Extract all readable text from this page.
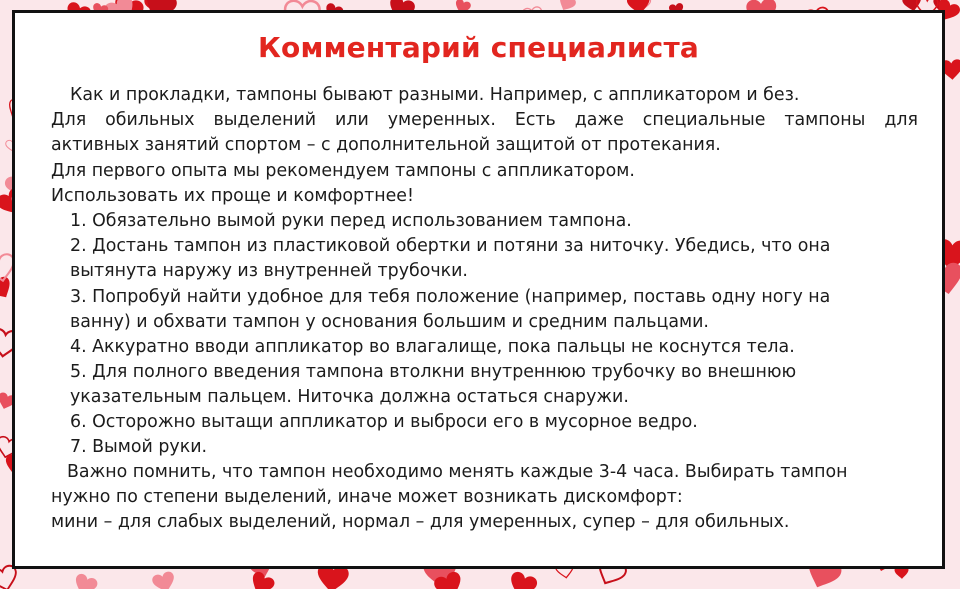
Комментарий специалиста
Как и прокладки, тампоны бывают разными. Например, с аппликатором и без.
Для обильных выделений или умеренных. Есть даже специальные тампоны для
активных занятий спортом – с дополнительной защитой от протекания.
Для первого опыта мы рекомендуем тампоны с аппликатором.
Использовать их проще и комфортнее!
1. Обязательно вымой руки перед использованием тампона.
2. Достань тампон из пластиковой обертки и потяни за ниточку. Убедись, что она
вытянута наружу из внутренней трубочки.
3. Попробуй найти удобное для тебя положение (например, поставь одну ногу на
ванну) и обхвати тампон у основания большим и средним пальцами.
4. Аккуратно вводи аппликатор во влагалище, пока пальцы не коснутся тела.
5. Для полного введения тампона втолкни внутреннюю трубочку во внешнюю
указательным пальцем. Ниточка должна остаться снаружи.
6. Осторожно вытащи аппликатор и выброси его в мусорное ведро.
7. Вымой руки.
Важно помнить, что тампон необходимо менять каждые 3-4 часа. Выбирать тампон
нужно по степени выделений, иначе может возникать дискомфорт:
мини – для слабых выделений, нормал – для умеренных, супер – для обильных.
